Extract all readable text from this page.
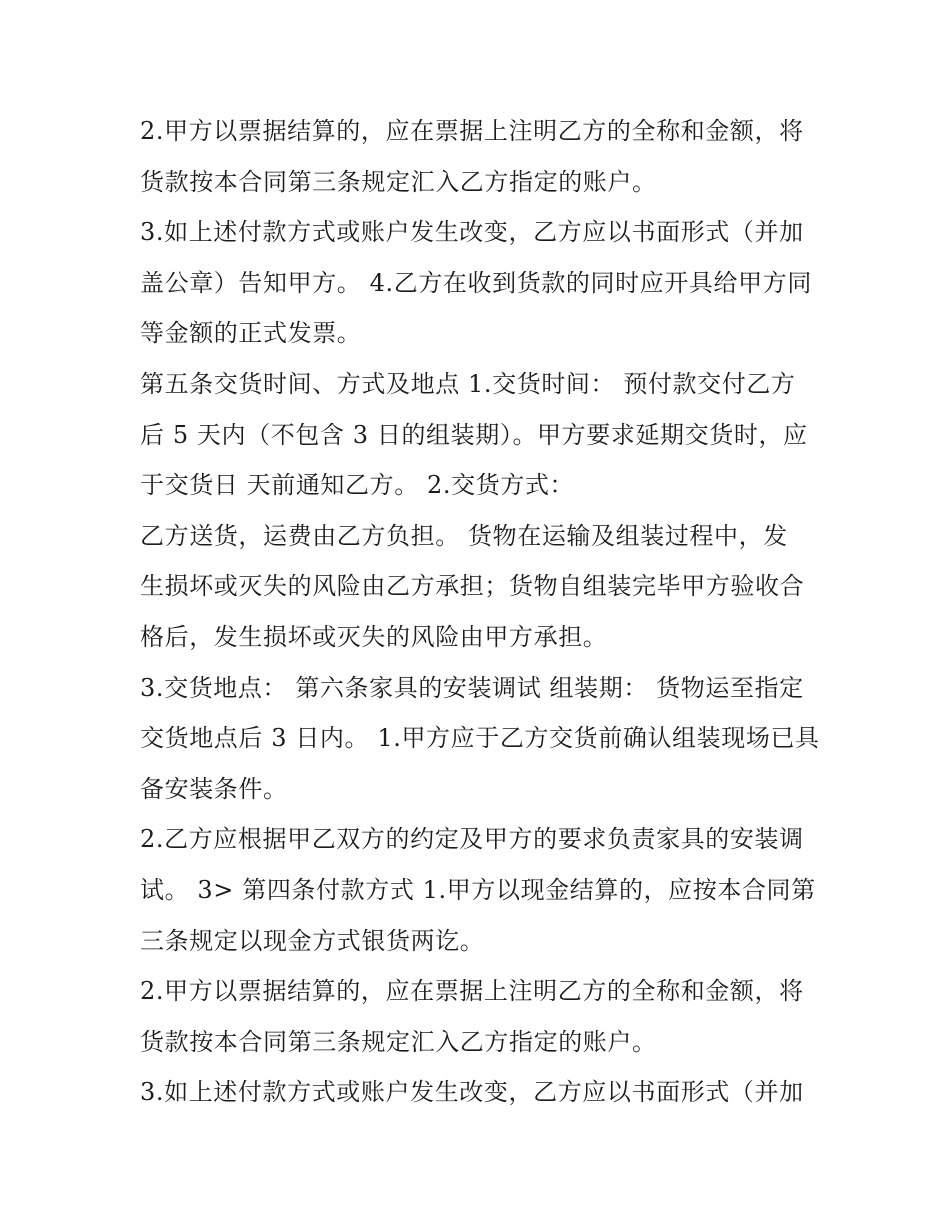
2.甲方以票据结算的，应在票据上注明乙方的全称和金额，将
货款按本合同第三条规定汇入乙方指定的账户。
3.如上述付款方式或账户发生改变，乙方应以书面形式（并加
盖公章）告知甲方。 4.乙方在收到货款的同时应开具给甲方同
等金额的正式发票。
第五条交货时间、方式及地点 1.交货时间： 预付款交付乙方
后 5 天内（不包含 3 日的组装期）。甲方要求延期交货时，应
于交货日 天前通知乙方。 2.交货方式：
乙方送货，运费由乙方负担。 货物在运输及组装过程中，发
生损坏或灭失的风险由乙方承担；货物自组装完毕甲方验收合
格后，发生损坏或灭失的风险由甲方承担。
3.交货地点： 第六条家具的安装调试 组装期： 货物运至指定
交货地点后 3 日内。 1.甲方应于乙方交货前确认组装现场已具
备安装条件。
2.乙方应根据甲乙双方的约定及甲方的要求负责家具的安装调
试。 3> 第四条付款方式 1.甲方以现金结算的，应按本合同第
三条规定以现金方式银货两讫。
2.甲方以票据结算的，应在票据上注明乙方的全称和金额，将
货款按本合同第三条规定汇入乙方指定的账户。
3.如上述付款方式或账户发生改变，乙方应以书面形式（并加
